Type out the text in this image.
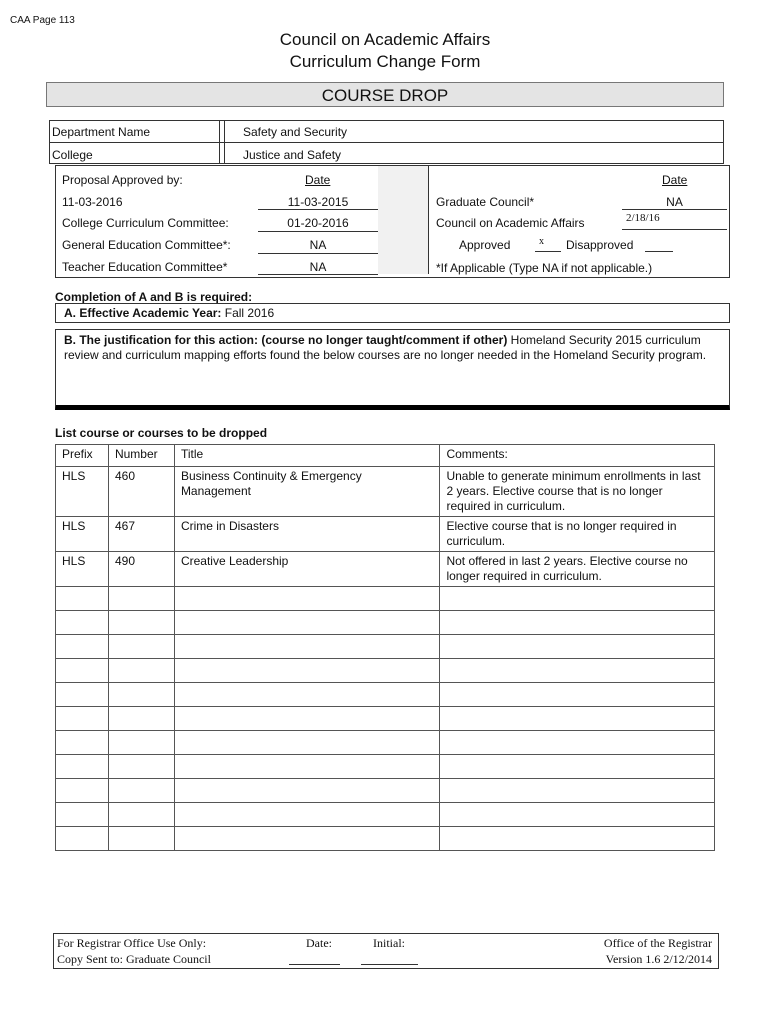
CAA Page 113
Council on Academic Affairs
Curriculum Change Form
COURSE DROP
Department Name	Safety and Security
College	Justice and Safety
Proposal Approved by:	Date	Date
11-03-2016	11-03-2015	Graduate Council*	NA
College Curriculum Committee:	01-20-2016	Council on Academic Affairs	2/18/16
General Education Committee*:	NA	Approved	x Disapproved
Teacher Education Committee*	NA	*If Applicable (Type NA if not applicable.)
Completion of A and B is required:
A. Effective Academic Year: Fall 2016
B. The justification for this action: (course no longer taught/comment if other) Homeland Security 2015 curriculum review and curriculum mapping efforts found the below courses are no longer needed in the Homeland Security program.
List course or courses to be dropped
Prefix	Number	Title	Comments:
HLS	460	Business Continuity & Emergency Management	Unable to generate minimum enrollments in last 2 years. Elective course that is no longer required in curriculum.
HLS	467	Crime in Disasters	Elective course that is no longer required in curriculum.
HLS	490	Creative Leadership	Not offered in last 2 years. Elective course no longer required in curriculum.

For Registrar Office Use Only:
Copy Sent to: Graduate Council
Date:	Initial:	Office of the Registrar
Version 1.6 2/12/2014
